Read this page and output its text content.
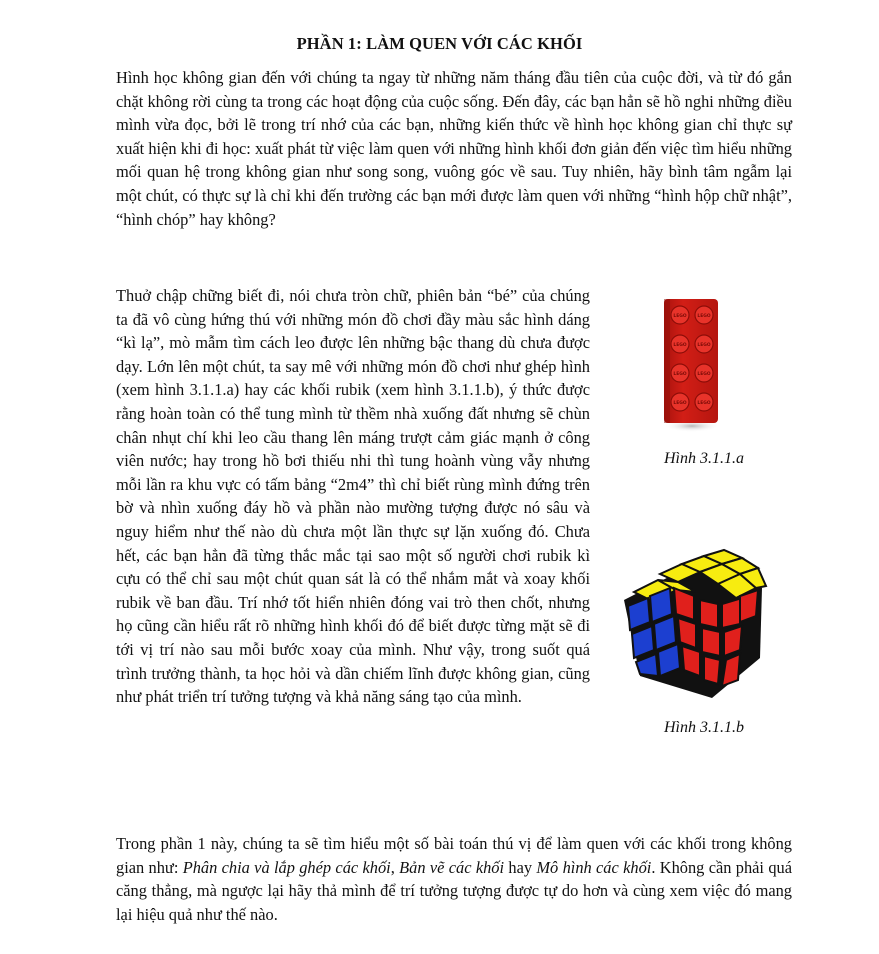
PHẦN 1: LÀM QUEN VỚI CÁC KHỐI

Hình học không gian đến với chúng ta ngay từ những năm tháng đầu tiên của cuộc đời, và từ đó gắn chặt không rời cùng ta trong các hoạt động của cuộc sống. Đến đây, các bạn hẳn sẽ hồ nghi những điều mình vừa đọc, bởi lẽ trong trí nhớ của các bạn, những kiến thức về hình học không gian chỉ thực sự xuất hiện khi đi học: xuất phát từ việc làm quen với những hình khối đơn giản đến việc tìm hiểu những mối quan hệ trong không gian như song song, vuông góc về sau. Tuy nhiên, hãy bình tâm ngẫm lại một chút, có thực sự là chỉ khi đến trường các bạn mới được làm quen với những “hình hộp chữ nhật”, “hình chóp” hay không?

Thuở chập chững biết đi, nói chưa tròn chữ, phiên bản “bé” của chúng ta đã vô cùng hứng thú với những món đồ chơi đầy màu sắc hình dáng “kì lạ”, mò mẫm tìm cách leo được lên những bậc thang dù chưa được dạy. Lớn lên một chút, ta say mê với những món đồ chơi như ghép hình (xem hình 3.1.1.a) hay các khối rubik (xem hình 3.1.1.b), ý thức được rằng hoàn toàn có thể tung mình từ thềm nhà xuống đất nhưng sẽ chùn chân nhụt chí khi leo cầu thang lên máng trượt cảm giác mạnh ở công viên nước; hay trong hồ bơi thiếu nhi thì tung hoành vùng vẫy nhưng mỗi lần ra khu vực có tấm bảng “2m4” thì chỉ biết rùng mình đứng trên bờ và nhìn xuống đáy hồ và phần nào mường tượng được nó sâu và nguy hiểm như thế nào dù chưa một lần thực sự lặn xuống đó. Chưa hết, các bạn hẳn đã từng thắc mắc tại sao một số người chơi rubik kì cựu có thể chỉ sau một chút quan sát là có thể nhắm mắt và xoay khối rubik về ban đầu. Trí nhớ tốt hiển nhiên đóng vai trò then chốt, nhưng họ cũng cần hiểu rất rõ những hình khối đó để biết được từng mặt sẽ đi tới vị trí nào sau mỗi bước xoay của mình. Như vậy, trong suốt quá trình trưởng thành, ta học hỏi và dần chiếm lĩnh được không gian, cũng như phát triển trí tưởng tượng và khả năng sáng tạo của mình.

LEGO LEGO
LEGO LEGO
LEGO LEGO
LEGO LEGO
Hình 3.1.1.a
Hình 3.1.1.b

Trong phần 1 này, chúng ta sẽ tìm hiểu một số bài toán thú vị để làm quen với các khối trong không gian như: Phân chia và lắp ghép các khối, Bản vẽ các khối hay Mô hình các khối. Không cần phải quá căng thẳng, mà ngược lại hãy thả mình để trí tưởng tượng được tự do hơn và cùng xem việc đó mang lại hiệu quả như thế nào.
